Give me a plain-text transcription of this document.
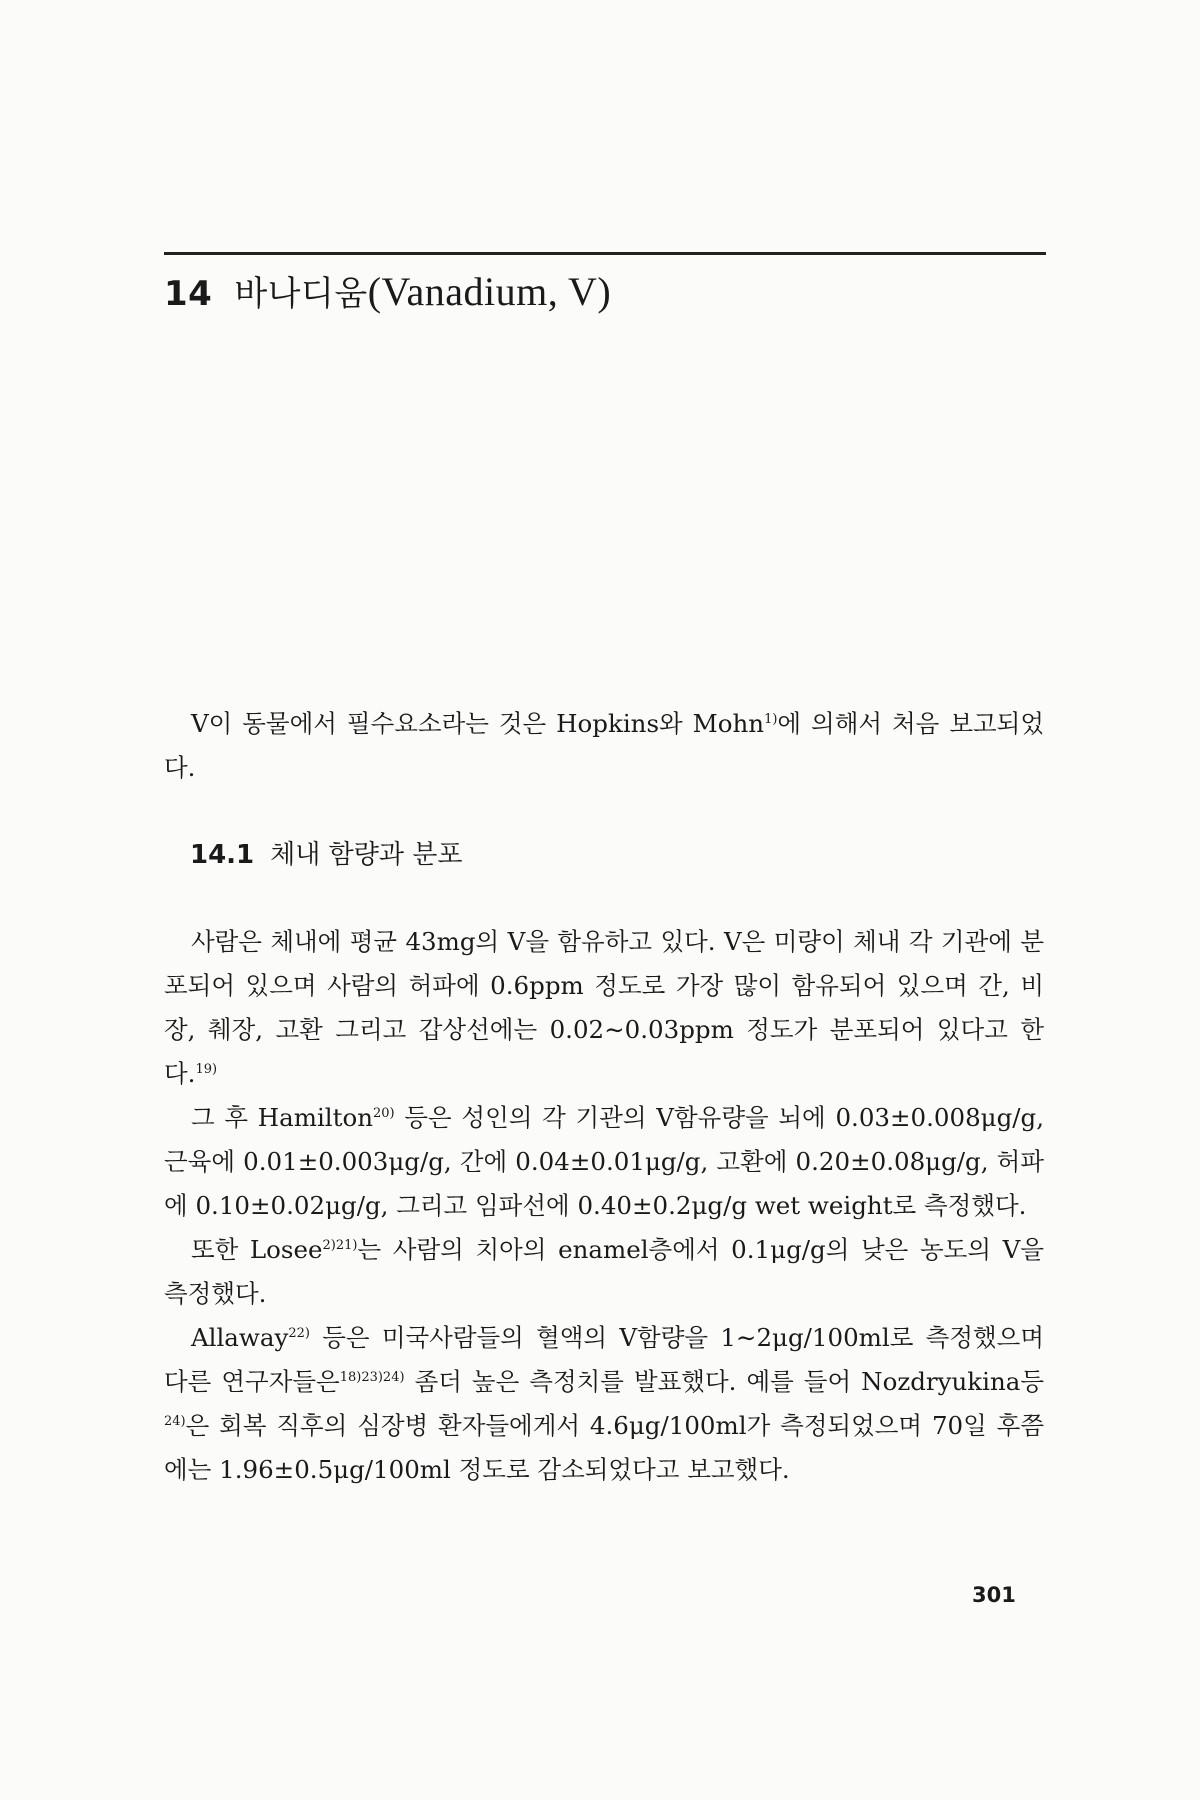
14 바나디움(Vanadium, V)

V이 동물에서 필수요소라는 것은 Hopkins와 Mohn$^{1)}$에 의해서 처음 보고되었다.

14.1 체내 함량과 분포

사람은 체내에 평균 43mg의 V을 함유하고 있다. V은 미량이 체내 각 기관에 분포되어 있으며 사람의 허파에 0.6ppm 정도로 가장 많이 함유되어 있으며 간, 비장, 췌장, 고환 그리고 갑상선에는 0.02∼0.03ppm 정도가 분포되어 있다고 한다.$^{19)}$

그 후 Hamilton$^{20)}$ 등은 성인의 각 기관의 V함유량을 뇌에 0.03±0.008μg/g, 근육에 0.01±0.003μg/g, 간에 0.04±0.01μg/g, 고환에 0.20±0.08μg/g, 허파에 0.10±0.02μg/g, 그리고 임파선에 0.40±0.2μg/g wet weight로 측정했다.

또한 Losee$^{2)21)}$는 사람의 치아의 enamel층에서 0.1μg/g의 낮은 농도의 V을 측정했다.

Allaway$^{22)}$ 등은 미국사람들의 혈액의 V함량을 1∼2μg/100ml로 측정했으며 다른 연구자들은$^{18)23)24)}$ 좀더 높은 측정치를 발표했다. 예를 들어 Nozdryukina등$^{24)}$은 회복 직후의 심장병 환자들에게서 4.6μg/100ml가 측정되었으며 70일 후쯤에는 1.96±0.5μg/100ml 정도로 감소되었다고 보고했다.

301
